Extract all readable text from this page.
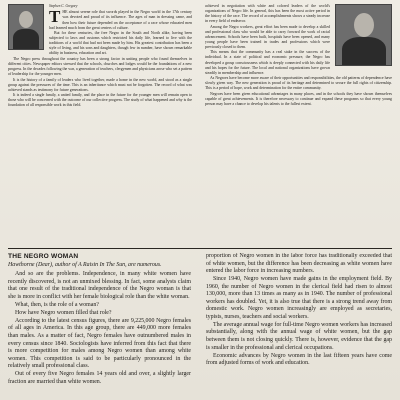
Stephen C. Gregory

T HE almost serene role that swords played in the Negro world in the 17th century was devoted and proud of its influence. The ages of man in dressing came, and then how their future depended on the acceptance of a race whose educated men had learned much from the great centers of culture.

But for these centuries, the free Negro in the South and North alike, having been subjected to laws and customs which restricted his daily life, learned to live with the traditions of a world that had not been made by him. His greatest contribution has been a style of living, and his sons and daughters, though few in number, have shown remarkable ability in business, education and art.

The Negro press throughout the country has been a strong factor in uniting people who found themselves in different cities. Newspaper editors stressed that the schools, churches and lodges would be the foundations of a new progress. In the decades following the war, a generation of teachers, clergymen and physicians arose who set a pattern of leadership for the younger men.

It is the history of a family of leaders who lived together, made a home in the new world, and stood as a single group against the pressures of the time. This is an inheritance which must not be forgotten. The record of what was achieved stands as testimony for future generations.

It is indeed a single family, a united family, and the place in the future for the younger men will remain open to those who will be concerned with the outcome of our collective progress. The study of what happened and why is the foundation of all responsible work in this field.

achieved in negotiation with white and colored leaders of the world's organizations of Negro life. In general, this has been the most active period in the history of the race. The record of accomplishments shows a steady increase in every field of endeavor.

Among the Negro workers, great effort has been made to develop a skilled and professional class who would be able to carry forward the work of racial advancement. Schools have been built, hospitals have been opened, and many young people have been trained in trades and professions which were previously closed to them.

This means that the community has a real stake in the success of the individual. In a state of political and economic pressure, the Negro has developed a group consciousness which is deeply connected with his daily life and his hopes for the future. The local and national organizations have grown steadily in membership and influence.

As Negroes have become more aware of their opportunities and responsibilities, the old patterns of dependence have slowly given way. The new generation is proud of its heritage and determined to secure the full rights of citizenship. This is a period of hope, work and determination for the entire community.

Negroes have been given educational advantages in many places, and in the schools they have shown themselves capable of great achievements. It is therefore necessary to continue and expand these programs so that every young person may have a chance to develop his talents to the fullest extent.

THE NEGRO WOMAN

Hawthorne (Dear), author of A Raisin In The Sun, are numerous.

And so are the problems. Independence, in many white women have recently discovered, is not an unmixed blessing. In fact, some analysts claim that one result of the traditional independence of the Negro woman is that she is more in conflict with her female biological role than the white woman.

What, then, is the role of a woman?

How have Negro women filled that role?

According to the latest census figures, there are 9,225,000 Negro females of all ages in America. In this age group, there are 449,000 more females than males. As a matter of fact, Negro females have outnumbered males in every census since 1840. Sociologists have inferred from this fact that there is more competition for males among Negro women than among white women. This competition is said to be particularly pronounced in the relatively small professional class.

Out of every five Negro females 14 years old and over, a slightly larger fraction are married than white women.

proportion of Negro women in the labor force has traditionally exceeded that of white women, but the difference has been decreasing as white women have entered the labor force in increasing numbers.

Since 1940, Negro women have made gains in the employment field. By 1960, the number of Negro women in the clerical field had risen to almost 130,000, more than 13 times as many as in 1940. The number of professional workers has doubled. Yet, it is also true that there is a strong trend away from domestic work. Negro women increasingly are employed as secretaries, typists, nurses, teachers and social workers.

The average annual wage for full-time Negro women workers has increased substantially, along with the annual wage of white women, but the gap between them is not closing quickly. There is, however, evidence that the gap is smaller in the professional and clerical occupations.

Economic advances by Negro women in the last fifteen years have come from adjusted forms of work and education.
